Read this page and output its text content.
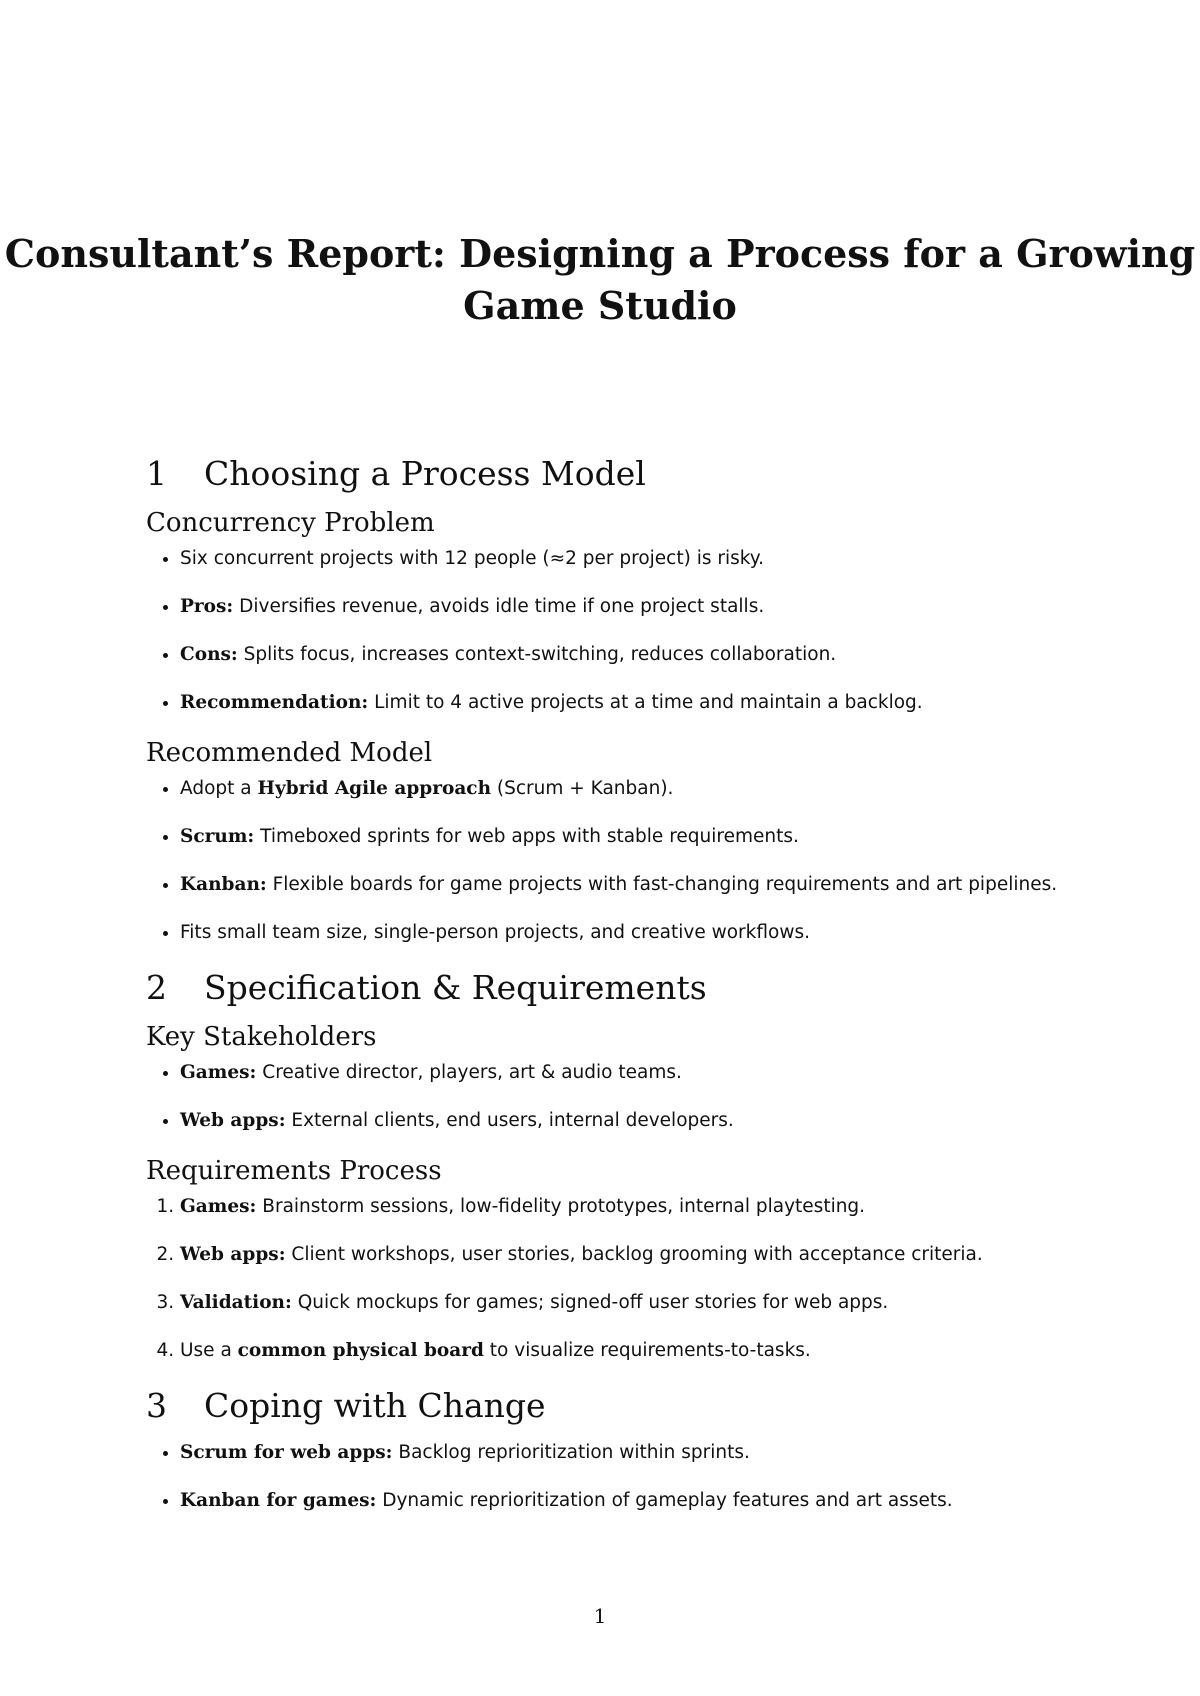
Consultant’s Report: Designing a Process for a Growing Game Studio
1	Choosing a Process Model
Concurrency Problem
• Six concurrent projects with 12 people (≈2 per project) is risky.
• Pros: Diversifies revenue, avoids idle time if one project stalls.
• Cons: Splits focus, increases context-switching, reduces collaboration.
• Recommendation: Limit to 4 active projects at a time and maintain a backlog.
Recommended Model
• Adopt a Hybrid Agile approach (Scrum + Kanban).
• Scrum: Timeboxed sprints for web apps with stable requirements.
• Kanban: Flexible boards for game projects with fast-changing requirements and art pipelines.
• Fits small team size, single-person projects, and creative workflows.
2	Specification & Requirements
Key Stakeholders
• Games: Creative director, players, art & audio teams.
• Web apps: External clients, end users, internal developers.
Requirements Process
1. Games: Brainstorm sessions, low-fidelity prototypes, internal playtesting.
2. Web apps: Client workshops, user stories, backlog grooming with acceptance criteria.
3. Validation: Quick mockups for games; signed-off user stories for web apps.
4. Use a common physical board to visualize requirements-to-tasks.
3	Coping with Change
• Scrum for web apps: Backlog reprioritization within sprints.
• Kanban for games: Dynamic reprioritization of gameplay features and art assets.
1
